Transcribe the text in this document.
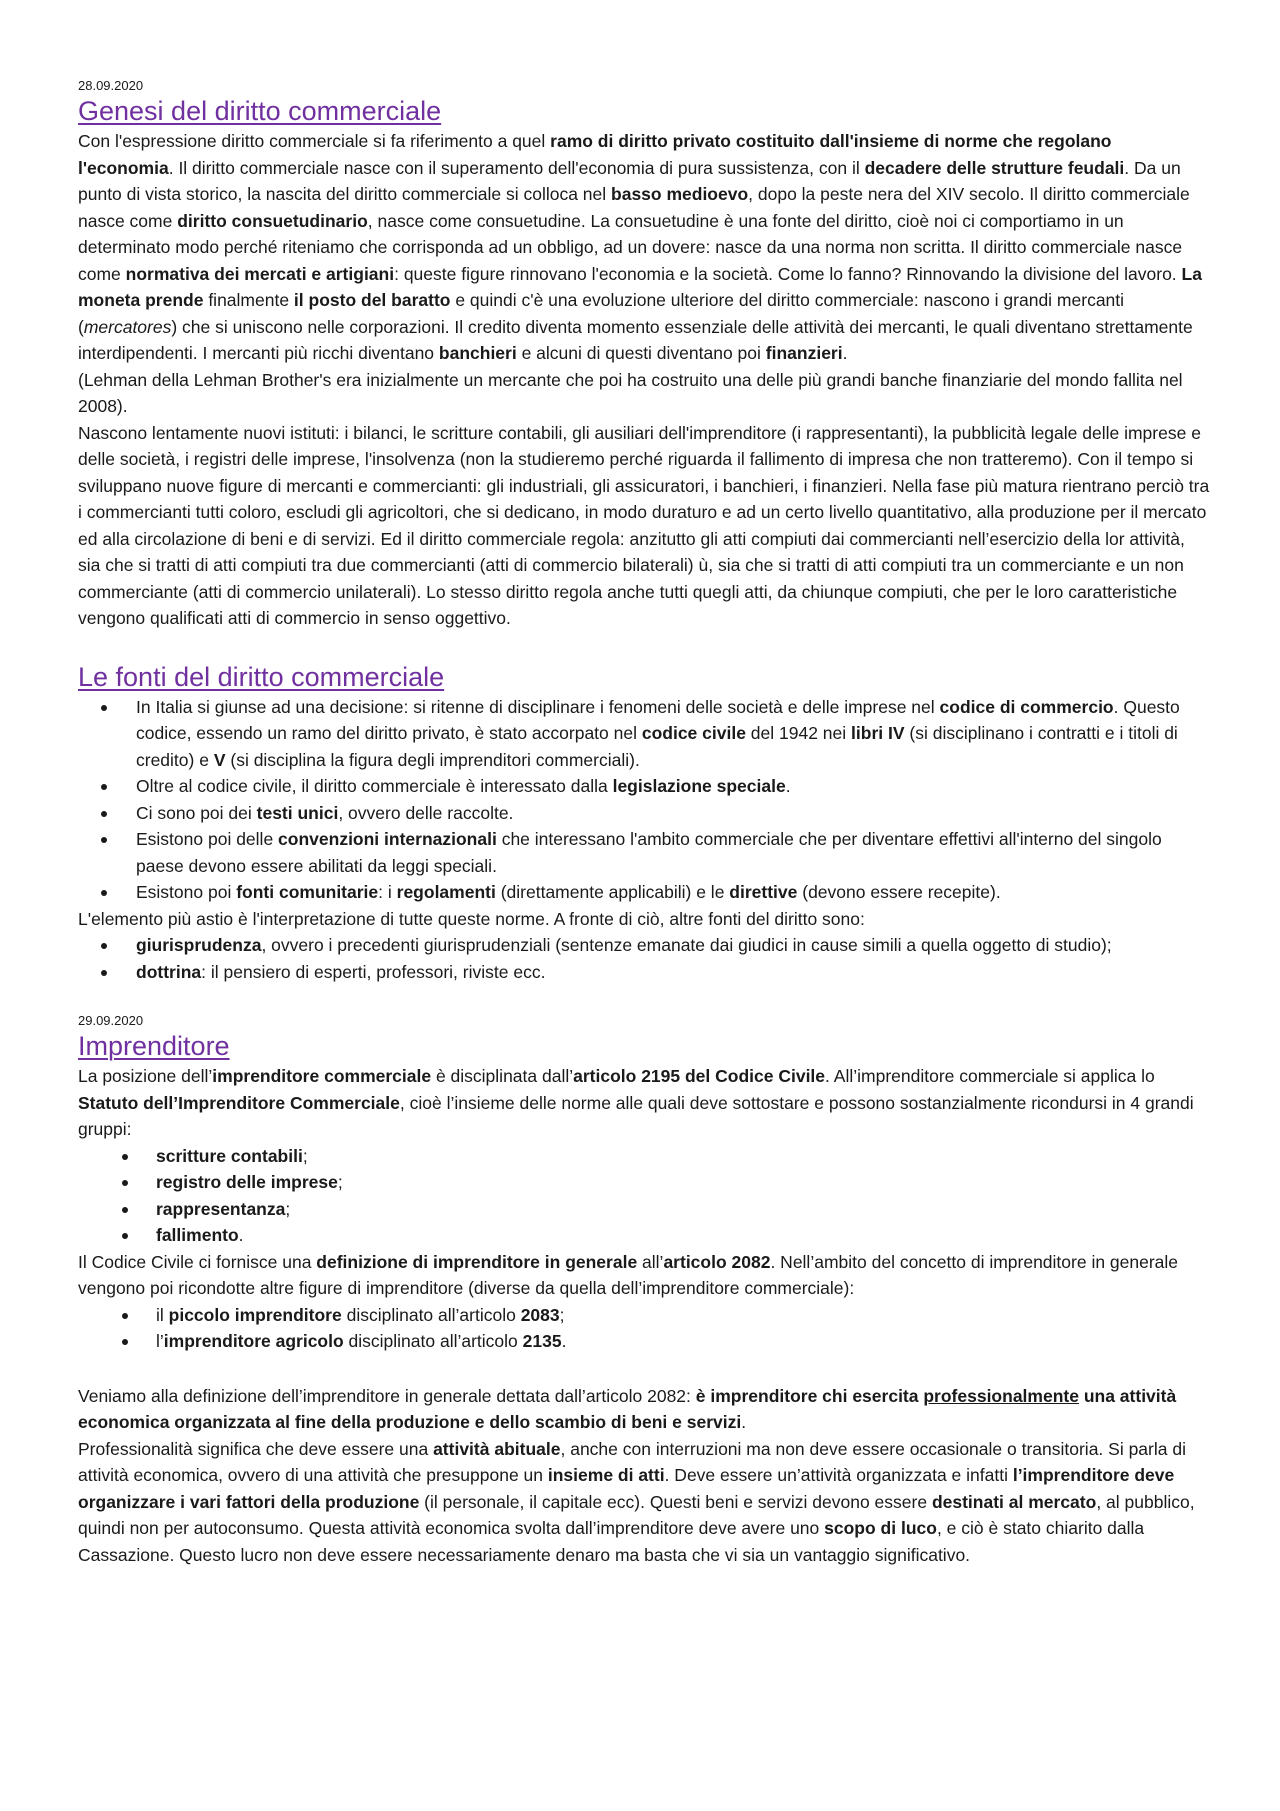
28.09.2020
Genesi del diritto commerciale

Con l'espressione diritto commerciale si fa riferimento a quel ramo di diritto privato costituito dall'insieme di norme che regolano l'economia. Il diritto commerciale nasce con il superamento dell'economia di pura sussistenza, con il decadere delle strutture feudali. Da un punto di vista storico, la nascita del diritto commerciale si colloca nel basso medioevo, dopo la peste nera del XIV secolo. Il diritto commerciale nasce come diritto consuetudinario, nasce come consuetudine. La consuetudine è una fonte del diritto, cioè noi ci comportiamo in un determinato modo perché riteniamo che corrisponda ad un obbligo, ad un dovere: nasce da una norma non scritta. Il diritto commerciale nasce come normativa dei mercati e artigiani: queste figure rinnovano l'economia e la società. Come lo fanno? Rinnovando la divisione del lavoro. La moneta prende finalmente il posto del baratto e quindi c'è una evoluzione ulteriore del diritto commerciale: nascono i grandi mercanti (mercatores) che si uniscono nelle corporazioni. Il credito diventa momento essenziale delle attività dei mercanti, le quali diventano strettamente interdipendenti. I mercanti più ricchi diventano banchieri e alcuni di questi diventano poi finanzieri.

(Lehman della Lehman Brother's era inizialmente un mercante che poi ha costruito una delle più grandi banche finanziarie del mondo fallita nel 2008).

Nascono lentamente nuovi istituti: i bilanci, le scritture contabili, gli ausiliari dell'imprenditore (i rappresentanti), la pubblicità legale delle imprese e delle società, i registri delle imprese, l'insolvenza (non la studieremo perché riguarda il fallimento di impresa che non tratteremo). Con il tempo si sviluppano nuove figure di mercanti e commercianti: gli industriali, gli assicuratori, i banchieri, i finanzieri. Nella fase più matura rientrano perciò tra i commercianti tutti coloro, escludi gli agricoltori, che si dedicano, in modo duraturo e ad un certo livello quantitativo, alla produzione per il mercato ed alla circolazione di beni e di servizi. Ed il diritto commerciale regola: anzitutto gli atti compiuti dai commercianti nell’esercizio della lor attività, sia che si tratti di atti compiuti tra due commercianti (atti di commercio bilaterali) ù, sia che si tratti di atti compiuti tra un commerciante e un non commerciante (atti di commercio unilaterali). Lo stesso diritto regola anche tutti quegli atti, da chiunque compiuti, che per le loro caratteristiche vengono qualificati atti di commercio in senso oggettivo.

Le fonti del diritto commerciale
In Italia si giunse ad una decisione: si ritenne di disciplinare i fenomeni delle società e delle imprese nel codice di commercio. Questo codice, essendo un ramo del diritto privato, è stato accorpato nel codice civile del 1942 nei libri IV (si disciplinano i contratti e i titoli di credito) e V (si disciplina la figura degli imprenditori commerciali).
Oltre al codice civile, il diritto commerciale è interessato dalla legislazione speciale.
Ci sono poi dei testi unici, ovvero delle raccolte.
Esistono poi delle convenzioni internazionali che interessano l'ambito commerciale che per diventare effettivi all'interno del singolo paese devono essere abilitati da leggi speciali.
Esistono poi fonti comunitarie: i regolamenti (direttamente applicabili) e le direttive (devono essere recepite).

L'elemento più astio è l'interpretazione di tutte queste norme. A fronte di ciò, altre fonti del diritto sono:

giurisprudenza, ovvero i precedenti giurisprudenziali (sentenze emanate dai giudici in cause simili a quella oggetto di studio);
dottrina: il pensiero di esperti, professori, riviste ecc.
29.09.2020
Imprenditore

La posizione dell’imprenditore commerciale è disciplinata dall’articolo 2195 del Codice Civile. All’imprenditore commerciale si applica lo Statuto dell’Imprenditore Commerciale, cioè l’insieme delle norme alle quali deve sottostare e possono sostanzialmente ricondursi in 4 grandi gruppi:

scritture contabili;
registro delle imprese;
rappresentanza;
fallimento.

Il Codice Civile ci fornisce una definizione di imprenditore in generale all’articolo 2082. Nell’ambito del concetto di imprenditore in generale vengono poi ricondotte altre figure di imprenditore (diverse da quella dell’imprenditore commerciale):

il piccolo imprenditore disciplinato all’articolo 2083;
l’imprenditore agricolo disciplinato all’articolo 2135.

Veniamo alla definizione dell’imprenditore in generale dettata dall’articolo 2082: è imprenditore chi esercita professionalmente una attività economica organizzata al fine della produzione e dello scambio di beni e servizi.

Professionalità significa che deve essere una attività abituale, anche con interruzioni ma non deve essere occasionale o transitoria. Si parla di attività economica, ovvero di una attività che presuppone un insieme di atti. Deve essere un’attività organizzata e infatti l’imprenditore deve organizzare i vari fattori della produzione (il personale, il capitale ecc). Questi beni e servizi devono essere destinati al mercato, al pubblico, quindi non per autoconsumo. Questa attività economica svolta dall’imprenditore deve avere uno scopo di luco, e ciò è stato chiarito dalla Cassazione. Questo lucro non deve essere necessariamente denaro ma basta che vi sia un vantaggio significativo.
